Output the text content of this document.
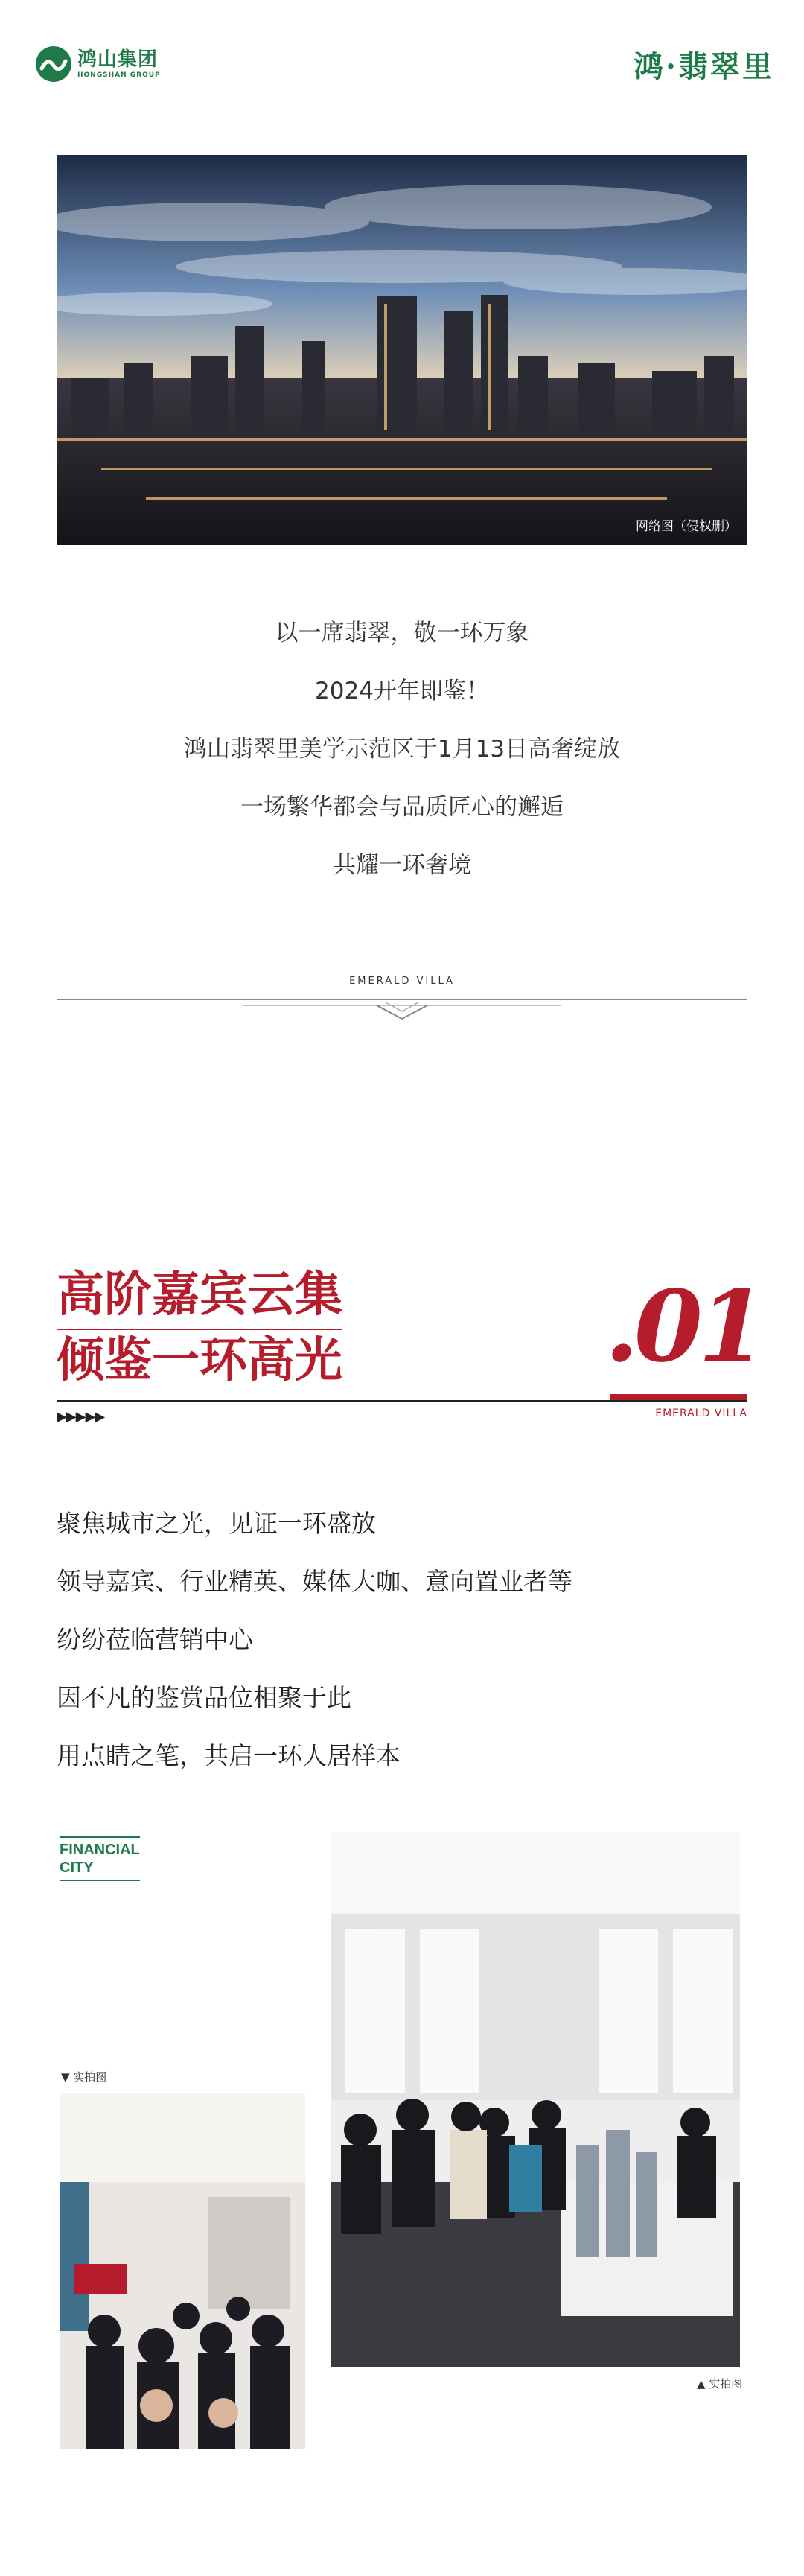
鸿山集团
HONGSHAN GROUP	鸿·翡翠里
网络图（侵权删）

以一席翡翠，敬一环万象

2024开年即鉴！

鸿山翡翠里美学示范区于1月13日高奢绽放

一场繁华都会与品质匠心的邂逅

共耀一环奢境

EMERALD VILLA
高阶嘉宾云集
倾鉴一环高光	.01
▶▶▶▶▶	EMERALD VILLA

聚焦城市之光，见证一环盛放

领导嘉宾、行业精英、媒体大咖、意向置业者等

纷纷莅临营销中心

因不凡的鉴赏品位相聚于此

用点睛之笔，共启一环人居样本

FINANCIAL
CITY
▼ 实拍图
▲ 实拍图
